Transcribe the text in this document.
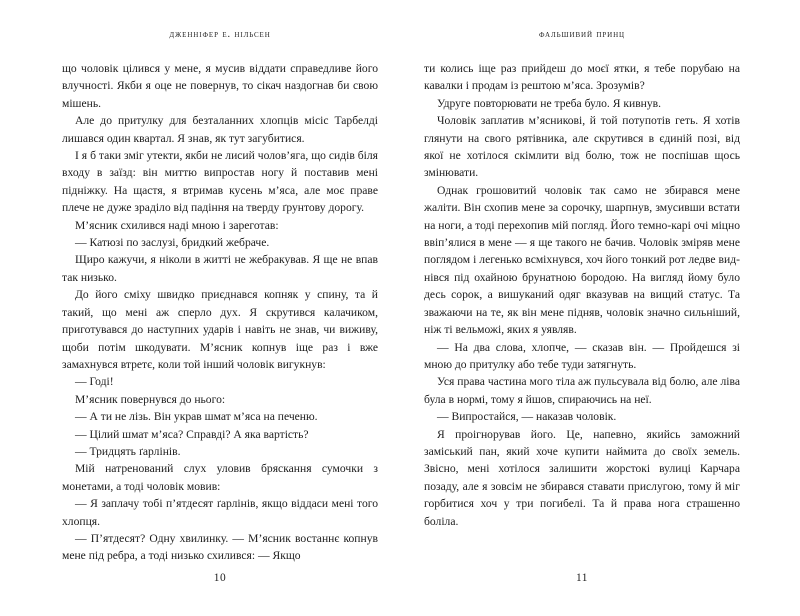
дженніфер е. нільсен

що чоловік цілився у мене, я мусив віддати справедливе його влучності. Якби я оце не повернув, то сікач наздогнав би свою мішень.

Але до притулку для безталанних хлопців місіс Тарбелді лишався один квартал. Я знав, як тут загубитися.

І я б таки зміг утекти, якби не лисий чолов’яга, що сидів біля входу в заїзд: він миттю випростав ногу й поставив мені підніжку. На щастя, я втримав кусень м’яса, але моє праве плече не дуже зраділо від падіння на тверду ґрунтову дорогу.

М’ясник схилився наді мною і зареготав:

— Катюзі по заслузі, бридкий жебраче.

Щиро кажучи, я ніколи в житті не жебракував. Я ще не впав так низько.

До його сміху швидко приєднався копняк у спину, та й такий, що мені аж сперло дух. Я скрутився калачиком, приготувався до наступних ударів і навіть не знав, чи виживу, щоби потім шкодувати. М’ясник копнув іще раз і вже замахнувся втретє, коли той інший чоловік вигукнув:

— Годі!

М’ясник повернувся до нього:

— А ти не лізь. Він украв шмат м’яса на печеню.

— Цілий шмат м’яса? Справді? А яка вартість?

— Тридцять ґарлінів.

Мій натренований слух уловив бряскання сумочки з монетами, а тоді чоловік мовив:

— Я заплачу тобі п’ятдесят ґарлінів, якщо віддаси мені того хлопця.

— П’ятдесят? Одну хвилинку. — М’ясник востаннє копнув мене під ребра, а тоді низько схилився: — Якщо

10
фальшивий принц

ти колись іще раз прийдеш до моєї ятки, я тебе порубаю на кавалки і продам із рештою м’яса. Зрозумів?

Удруге повторювати не треба було. Я кивнув.

Чоловік заплатив м’ясникові, й той потупотів геть. Я хотів глянути на свого рятівника, але скрутився в єдиній позі, від якої не хотілося скімлити від болю, тож не поспішав щось змінювати.

Однак грошовитий чоловік так само не збирався мене жаліти. Він схопив мене за сорочку, шарпнув, змусивши встати на ноги, а тоді перехопив мій погляд. Його темно-карі очі міцно ввіп’ялися в мене — я ще такого не бачив. Чоловік зміряв мене поглядом і легенько всміхнувся, хоч його тонкий рот ледве виднівся під охайною брунатною бородою. На вигляд йому було десь сорок, а вишуканий одяг вказував на вищий статус. Та зважаючи на те, як він мене підняв, чоловік значно сильніший, ніж ті вельможі, яких я уявляв.

— На два слова, хлопче, — сказав він. — Пройдешся зі мною до притулку або тебе туди затягнуть.

Уся права частина мого тіла аж пульсувала від болю, але ліва була в нормі, тому я йшов, спираючись на неї.

— Випростайся, — наказав чоловік.

Я проігнорував його. Це, напевно, якийсь заможний заміський пан, який хоче купити наймита до своїх земель. Звісно, мені хотілося залишити жорстокі вулиці Карчара позаду, але я зовсім не збирався ставати прислугою, тому й міг горбитися хоч у три погибелі. Та й права нога страшенно боліла.

11
